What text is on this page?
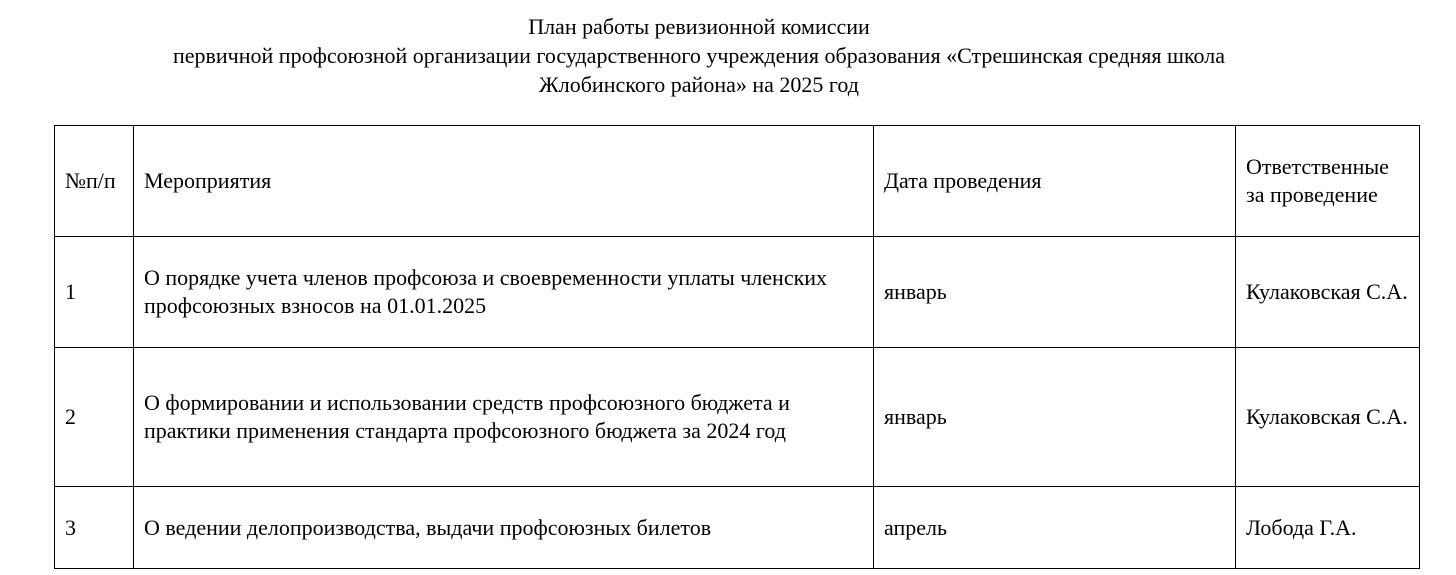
План работы ревизионной комиссии
первичной профсоюзной организации государственного учреждения образования «Стрешинская средняя школа
Жлобинского района» на 2025 год
№п/п	Мероприятия	Дата проведения	Ответственные за проведение
1	О порядке учета членов профсоюза и своевременности уплаты членских профсоюзных взносов на 01.01.2025	январь	Кулаковская С.А.
2	О формировании и использовании средств профсоюзного бюджета и практики применения стандарта профсоюзного бюджета за 2024 год	январь	Кулаковская С.А.
3	О ведении делопроизводства, выдачи профсоюзных билетов	апрель	Лобода Г.А.
